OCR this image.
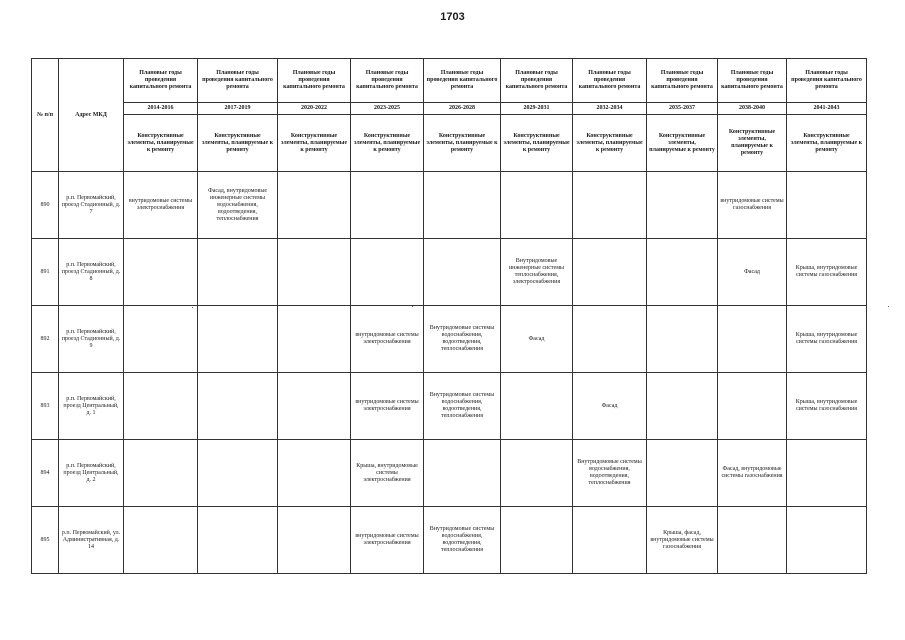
1703
№ п/п	Адрес МКД	Плановые годы проведения капитального ремонта	Плановые годы проведения капитального ремонта	Плановые годы проведения капитального ремонта	Плановые годы проведения капитального ремонта	Плановые годы проведения капитального ремонта	Плановые годы проведения капитального ремонта	Плановые годы проведения капитального ремонта	Плановые годы проведения капитального ремонта	Плановые годы проведения капитального ремонта	Плановые годы проведения капитального ремонта
		2014-2016	2017-2019	2020-2022	2023-2025	2026-2028	2029-2031	2032-2034	2035-2037	2038-2040	2041-2043
		Конструктивные элементы, планируемые к ремонту	Конструктивные элементы, планируемые к ремонту	Конструктивные элементы, планируемые к ремонту	Конструктивные элементы, планируемые к ремонту	Конструктивные элементы, планируемые к ремонту	Конструктивные элементы, планируемые к ремонту	Конструктивные элементы, планируемые к ремонту	Конструктивные элементы, планируемые к ремонту	Конструктивные элементы, планируемые к ремонту	Конструктивные элементы, планируемые к ремонту
890	р.п. Первомайский, проезд Стадионный, д. 7	внутридомовые системы электроснабжения	Фасад, внутридомовые инженерные системы водоснабжения, водоотведения, теплоснабжения							внутридомовые системы газоснабжения	
891	р.п. Первомайский, проезд Стадионный, д. 8						Внутридомовые инженерные системы теплоснабжения, электроснабжения			Фасад	Крыша, внутридомовые системы газоснабжения
892	р.п. Первомайский, проезд Стадионный, д. 9				внутридомовые системы электроснабжения	Внутридомовые системы водоснабжения, водоотведения, теплоснабжения	Фасад				Крыша, внутридомовые системы газоснабжения
893	р.п. Первомайский, проезд Центральный, д. 1				внутридомовые системы электроснабжения	Внутридомовые системы водоснабжения, водоотведения, теплоснабжения		Фасад			Крыша, внутридомовые системы газоснабжения
894	р.п. Первомайский, проезд Центральный, д. 2				Крыша, внутридомовые системы электроснабжения			Внутридомовые системы водоснабжения, водоотведения, теплоснабжения		Фасад, внутридомовые системы газоснабжения	
895	р.п. Первомайский, ул. Административная, д. 14				внутридомовые системы электроснабжения	Внутридомовые системы водоснабжения, водоотведения, теплоснабжения			Крыша, фасад, внутридомовые системы газоснабжения		
